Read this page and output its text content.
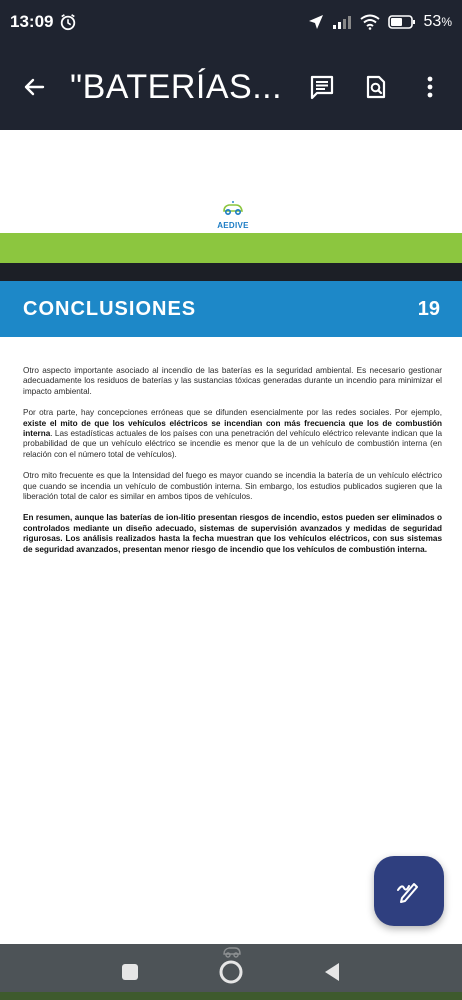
13:09	53%
"BATERÍAS...
AEDIVE
CONCLUSIONES	19

Otro aspecto importante asociado al incendio de las baterías es la seguridad ambiental. Es necesario gestionar adecuadamente los residuos de baterías y las sustancias tóxicas generadas durante un incendio para minimizar el impacto ambiental.

Por otra parte, hay concepciones erróneas que se difunden esencialmente por las redes sociales. Por ejemplo, existe el mito de que los vehículos eléctricos se incendian con más frecuencia que los de combustión interna. Las estadísticas actuales de los países con una penetración del vehículo eléctrico relevante indican que la probabilidad de que un vehículo eléctrico se incendie es menor que la de un vehículo de combustión interna (en relación con el número total de vehículos).

Otro mito frecuente es que la Intensidad del fuego es mayor cuando se incendia la batería de un vehículo eléctrico que cuando se incendia un vehículo de combustión interna. Sin embargo, los estudios publicados sugieren que la liberación total de calor es similar en ambos tipos de vehículos.

En resumen, aunque las baterías de ion-litio presentan riesgos de incendio, estos pueden ser eliminados o controlados mediante un diseño adecuado, sistemas de supervisión avanzados y medidas de seguridad rigurosas. Los análisis realizados hasta la fecha muestran que los vehículos eléctricos, con sus sistemas de seguridad avanzados, presentan menor riesgo de incendio que los vehículos de combustión interna.
